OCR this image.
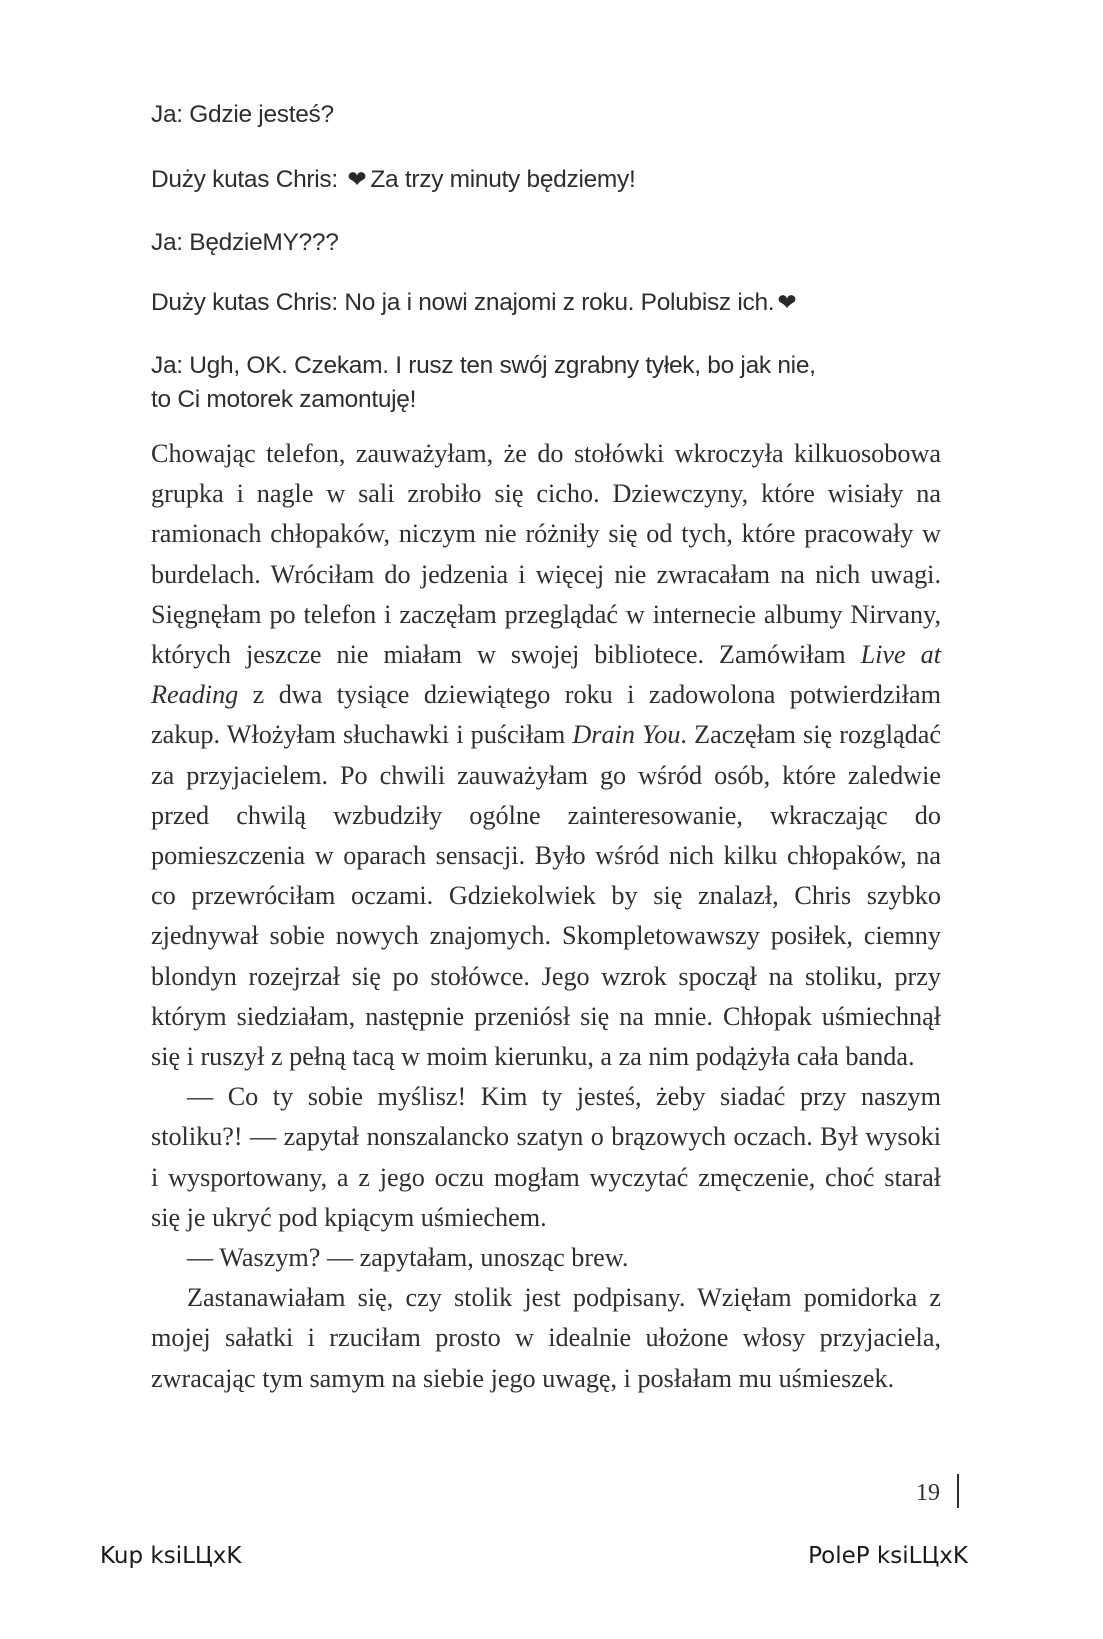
Ja: Gdzie jesteś?
Duży kutas Chris: ❤ Za trzy minuty będziemy!
Ja: BędzieMY???
Duży kutas Chris: No ja i nowi znajomi z roku. Polubisz ich. ❤
Ja: Ugh, OK. Czekam. I rusz ten swój zgrabny tyłek, bo jak nie,
to Ci motorek zamontuję!

Chowając telefon, zauważyłam, że do stołówki wkroczyła kilkuosobowa grupka i nagle w sali zrobiło się cicho. Dziewczyny, które wisiały na ramionach chłopaków, niczym nie różniły się od tych, które pracowały w burdelach. Wróciłam do jedzenia i więcej nie zwracałam na nich uwagi. Sięgnęłam po telefon i zaczęłam przeglądać w internecie albumy Nirvany, których jeszcze nie miałam w swojej bibliotece. Zamówiłam Live at Reading z dwa tysiące dziewiątego roku i zadowolona potwierdziłam zakup. Włożyłam słuchawki i puściłam Drain You. Zaczęłam się rozglądać za przyjacielem. Po chwili zauważyłam go wśród osób, które zaledwie przed chwilą wzbudziły ogólne zainteresowanie, wkraczając do pomieszczenia w oparach sensacji. Było wśród nich kilku chłopaków, na co przewróciłam oczami. Gdziekolwiek by się znalazł, Chris szybko zjednywał sobie nowych znajomych. Skompletowawszy posiłek, ciemny blondyn rozejrzał się po stołówce. Jego wzrok spoczął na stoliku, przy którym siedziałam, następnie przeniósł się na mnie. Chłopak uśmiechnął się i ruszył z pełną tacą w moim kierunku, a za nim podążyła cała banda.

— Co ty sobie myślisz! Kim ty jesteś, żeby siadać przy naszym stoliku?! — zapytał nonszalancko szatyn o brązowych oczach. Był wysoki i wysportowany, a z jego oczu mogłam wyczytać zmęczenie, choć starał się je ukryć pod kpiącym uśmiechem.

— Waszym? — zapytałam, unosząc brew.

Zastanawiałam się, czy stolik jest podpisany. Wzięłam pomidorka z mojej sałatki i rzuciłam prosto w idealnie ułożone włosy przyjaciela, zwracając tym samym na siebie jego uwagę, i posłałam mu uśmieszek.

19
Kup ksiLЦxK	PoleP ksiLЦxK
